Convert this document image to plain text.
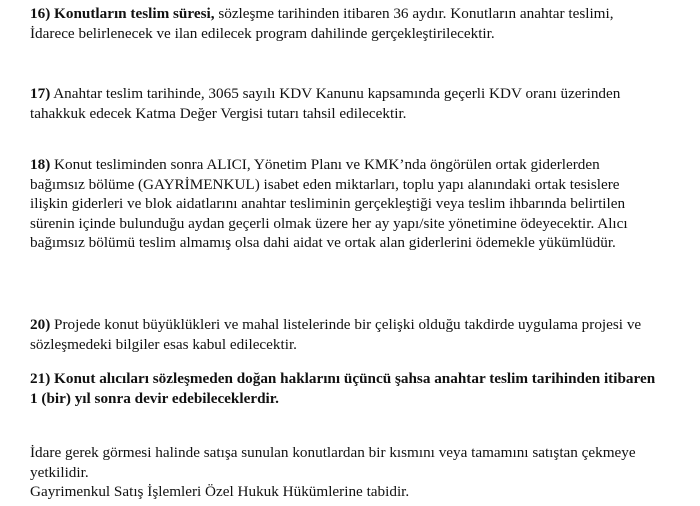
16) Konutların teslim süresi, sözleşme tarihinden itibaren 36 aydır. Konutların anahtar teslimi,
İdarece belirlenecek ve ilan edilecek program dahilinde gerçekleştirilecektir.
17) Anahtar teslim tarihinde, 3065 sayılı KDV Kanunu kapsamında geçerli KDV oranı üzerinden
tahakkuk edecek Katma Değer Vergisi tutarı tahsil edilecektir.
18) Konut tesliminden sonra ALICI, Yönetim Planı ve KMK’nda öngörülen ortak giderlerden
bağımsız bölüme (GAYRİMENKUL) isabet eden miktarları, toplu yapı alanındaki ortak tesislere
ilişkin giderleri ve blok aidatlarını anahtar tesliminin gerçekleştiği veya teslim ihbarında belirtilen
sürenin içinde bulunduğu aydan geçerli olmak üzere her ay yapı/site yönetimine ödeyecektir. Alıcı
bağımsız bölümü teslim almamış olsa dahi aidat ve ortak alan giderlerini ödemekle yükümlüdür.
20) Projede konut büyüklükleri ve mahal listelerinde bir çelişki olduğu takdirde uygulama projesi ve
sözleşmedeki bilgiler esas kabul edilecektir.
21) Konut alıcıları sözleşmeden doğan haklarını üçüncü şahsa anahtar teslim tarihinden itibaren
1 (bir) yıl sonra devir edebileceklerdir.
İdare gerek görmesi halinde satışa sunulan konutlardan bir kısmını veya tamamını satıştan çekmeye
yetkilidir.
Gayrimenkul Satış İşlemleri Özel Hukuk Hükümlerine tabidir.
